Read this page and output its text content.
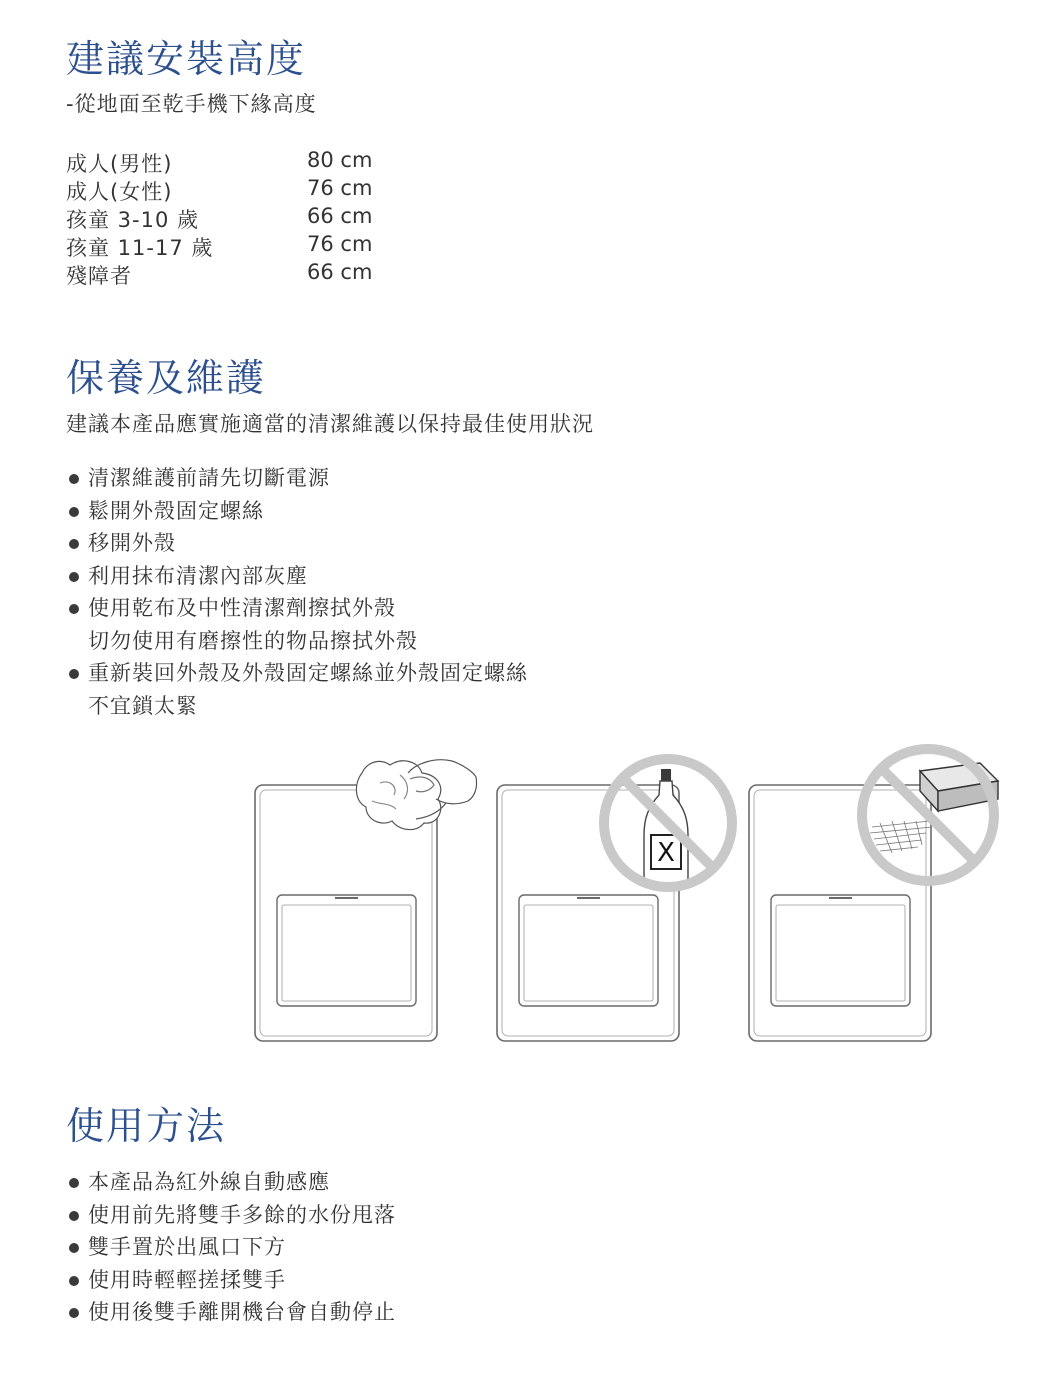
建議安裝高度
-從地面至乾手機下緣高度
成人(男性)	80 cm
成人(女性)	76 cm
孩童 3-10 歲	66 cm
孩童 11-17 歲	76 cm
殘障者	66 cm
保養及維護
建議本產品應實施適當的清潔維護以保持最佳使用狀況
清潔維護前請先切斷電源
鬆開外殼固定螺絲
移開外殼
利用抹布清潔內部灰塵
使用乾布及中性清潔劑擦拭外殼
切勿使用有磨擦性的物品擦拭外殼
重新裝回外殼及外殼固定螺絲並外殼固定螺絲
不宜鎖太緊
X
使用方法
本產品為紅外線自動感應
使用前先將雙手多餘的水份甩落
雙手置於出風口下方
使用時輕輕搓揉雙手
使用後雙手離開機台會自動停止
